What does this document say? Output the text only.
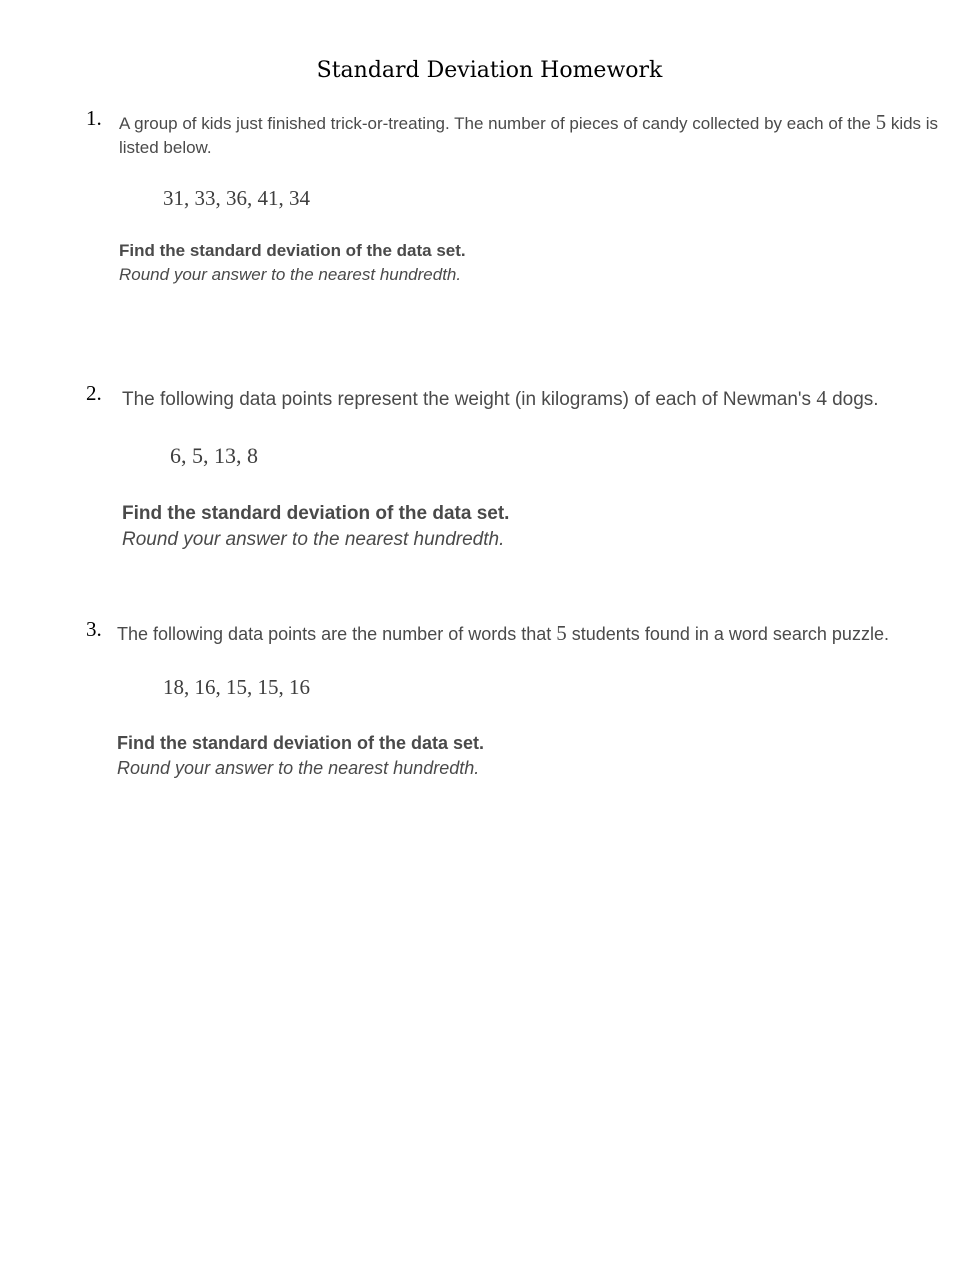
Standard Deviation Homework
1. A group of kids just finished trick-or-treating. The number of pieces of candy collected by each of the 5 kids is listed below.
31, 33, 36, 41, 34
Find the standard deviation of the data set.
Round your answer to the nearest hundredth.
2. The following data points represent the weight (in kilograms) of each of Newman's 4 dogs.
6, 5, 13, 8
Find the standard deviation of the data set.
Round your answer to the nearest hundredth.
3. The following data points are the number of words that 5 students found in a word search puzzle.
18, 16, 15, 15, 16
Find the standard deviation of the data set.
Round your answer to the nearest hundredth.
